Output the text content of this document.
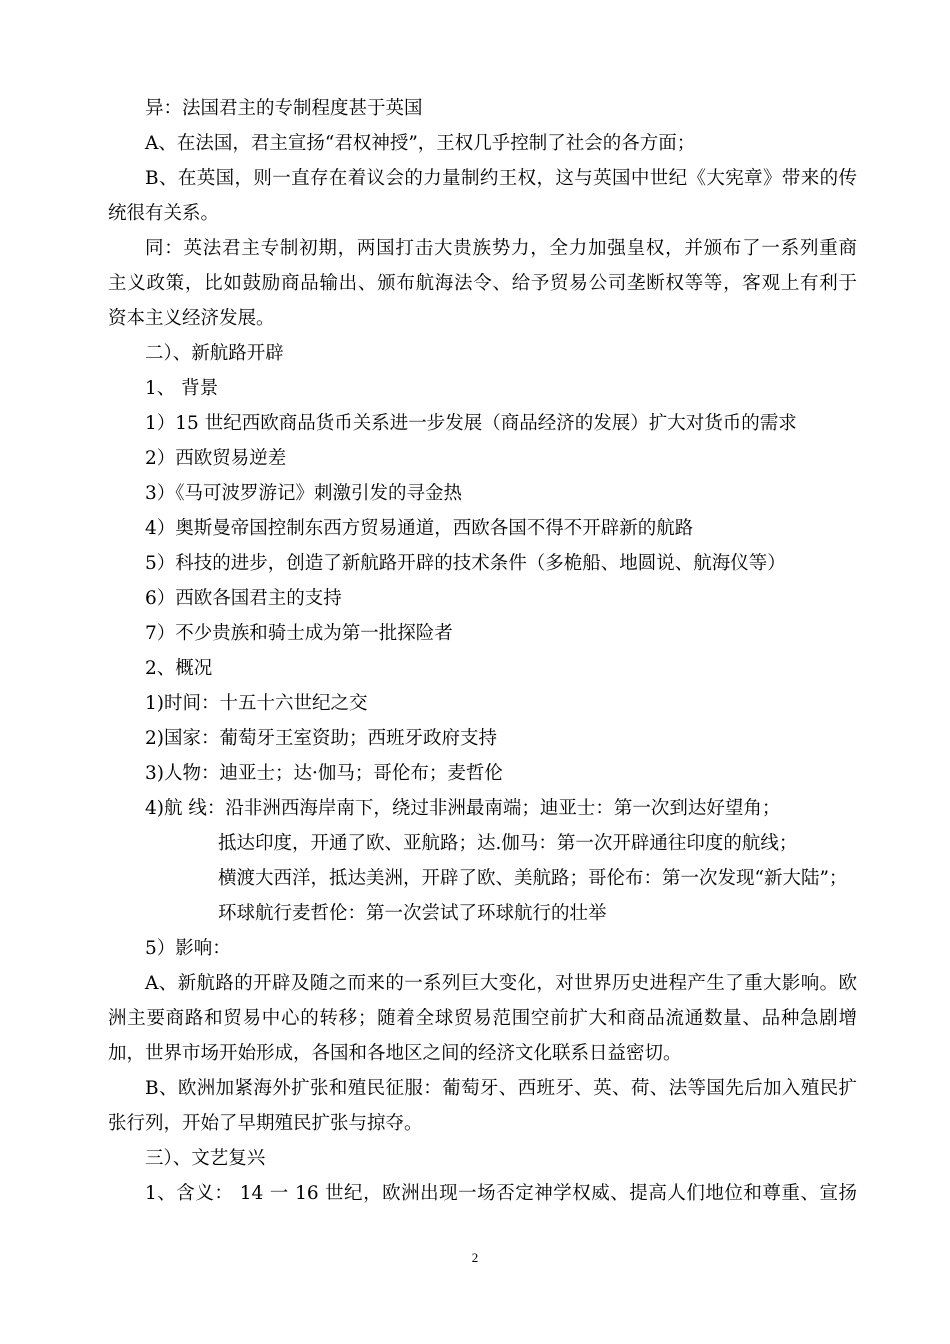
异：法国君主的专制程度甚于英国
A、在法国，君主宣扬“君权神授”，王权几乎控制了社会的各方面；
B、在英国，则一直存在着议会的力量制约王权，这与英国中世纪《大宪章》带来的传
统很有关系。
同：英法君主专制初期，两国打击大贵族势力，全力加强皇权，并颁布了一系列重商
主义政策，比如鼓励商品输出、颁布航海法令、给予贸易公司垄断权等等，客观上有利于
资本主义经济发展。
二）、新航路开辟
1、 背景
1）15 世纪西欧商品货币关系进一步发展（商品经济的发展）扩大对货币的需求
2）西欧贸易逆差
3）《马可波罗游记》刺激引发的寻金热
4）奥斯曼帝国控制东西方贸易通道，西欧各国不得不开辟新的航路
5）科技的进步，创造了新航路开辟的技术条件（多桅船、地圆说、航海仪等）
6）西欧各国君主的支持
7）不少贵族和骑士成为第一批探险者
2、概况
1)时间：十五十六世纪之交
2)国家：葡萄牙王室资助；西班牙政府支持
3)人物：迪亚士；达·伽马；哥伦布；麦哲伦
4)航 线：沿非洲西海岸南下，绕过非洲最南端；迪亚士：第一次到达好望角；
抵达印度，开通了欧、亚航路；达.伽马：第一次开辟通往印度的航线；
横渡大西洋，抵达美洲，开辟了欧、美航路；哥伦布：第一次发现“新大陆”；
环球航行麦哲伦：第一次尝试了环球航行的壮举
5）影响：
A、新航路的开辟及随之而来的一系列巨大变化，对世界历史进程产生了重大影响。欧
洲主要商路和贸易中心的转移；随着全球贸易范围空前扩大和商品流通数量、品种急剧增
加，世界市场开始形成，各国和各地区之间的经济文化联系日益密切。
B、欧洲加紧海外扩张和殖民征服：葡萄牙、西班牙、英、荷、法等国先后加入殖民扩
张行列，开始了早期殖民扩张与掠夺。
三）、文艺复兴
1、含义： 14 一 16 世纪，欧洲出现一场否定神学权威、提高人们地位和尊重、宣扬
2
